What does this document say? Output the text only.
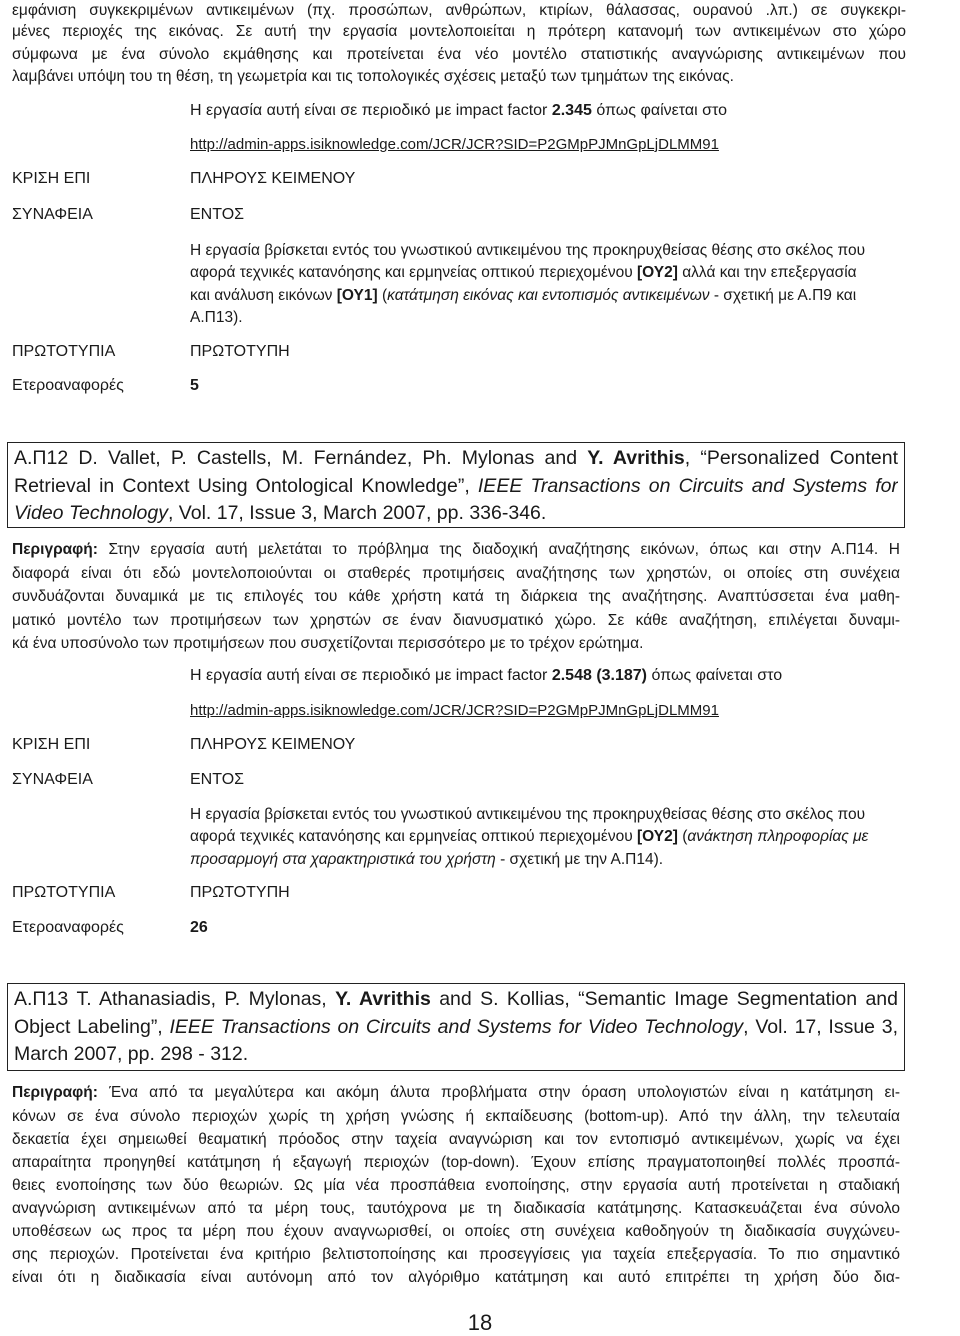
εμφάνιση συγκεκριμένων αντικειμένων (πχ. προσώπων, ανθρώπων, κτιρίων, θάλασσας, ουρανού .λπ.) σε συγκεκρι-
μένες περιοχές της εικόνας. Σε αυτή την εργασία μοντελοποιείται η πρότερη κατανομή των αντικειμένων στο χώρο
σύμφωνα με ένα σύνολο εκμάθησης και προτείνεται ένα νέο μοντέλο στατιστικής αναγνώρισης αντικειμένων που
λαμβάνει υπόψη του τη θέση, τη γεωμετρία και τις τοπολογικές σχέσεις μεταξύ των τμημάτων της εικόνας.
Η εργασία αυτή είναι σε περιοδικό με impact factor 2.345 όπως φαίνεται στο
http://admin-apps.isiknowledge.com/JCR/JCR?SID=P2GMpPJMnGpLjDLMM91
ΚΡΙΣΗ ΕΠΙ	ΠΛΗΡΟΥΣ ΚΕΙΜΕΝΟΥ
ΣΥΝΑΦΕΙΑ	ΕΝΤΟΣ
Η εργασία βρίσκεται εντός του γνωστικού αντικειμένου της προκηρυχθείσας θέσης στο σκέλος που
αφορά τεχνικές κατανόησης και ερμηνείας οπτικού περιεχομένου [ΟΥ2] αλλά και την επεξεργασία
και ανάλυση εικόνων [ΟΥ1] (κατάτμηση εικόνας και εντοπισμός αντικειμένων - σχετική με Α.Π9 και
Α.Π13).
ΠΡΩΤΟΤΥΠΙΑ	ΠΡΩΤΟΤΥΠΗ
Ετεροαναφορές	5
Α.Π12 D. Vallet, P. Castells, M. Fernández, Ph. Mylonas and Y. Avrithis, “Personalized Content
Retrieval in Context Using Ontological Knowledge”, IEEE Transactions on Circuits and Systems for
Video Technology, Vol. 17, Issue 3, March 2007, pp. 336-346.
Περιγραφή: Στην εργασία αυτή μελετάται το πρόβλημα της διαδοχική αναζήτησης εικόνων, όπως και στην Α.Π14. Η
διαφορά είναι ότι εδώ μοντελοποιούνται οι σταθερές προτιμήσεις αναζήτησης των χρηστών, οι οποίες στη συνέχεια
συνδυάζονται δυναμικά με τις επιλογές του κάθε χρήστη κατά τη διάρκεια της αναζήτησης. Αναπτύσσεται ένα μαθη-
ματικό μοντέλο των προτιμήσεων των χρηστών σε έναν διανυσματικό χώρο. Σε κάθε αναζήτηση, επιλέγεται δυναμι-
κά ένα υποσύνολο των προτιμήσεων που συσχετίζονται περισσότερο με το τρέχον ερώτημα.
Η εργασία αυτή είναι σε περιοδικό με impact factor 2.548 (3.187) όπως φαίνεται στο
http://admin-apps.isiknowledge.com/JCR/JCR?SID=P2GMpPJMnGpLjDLMM91
ΚΡΙΣΗ ΕΠΙ	ΠΛΗΡΟΥΣ ΚΕΙΜΕΝΟΥ
ΣΥΝΑΦΕΙΑ	ΕΝΤΟΣ
Η εργασία βρίσκεται εντός του γνωστικού αντικειμένου της προκηρυχθείσας θέσης στο σκέλος που
αφορά τεχνικές κατανόησης και ερμηνείας οπτικού περιεχομένου [ΟΥ2] (ανάκτηση πληροφορίας με
προσαρμογή στα χαρακτηριστικά του χρήστη - σχετική με την Α.Π14).
ΠΡΩΤΟΤΥΠΙΑ	ΠΡΩΤΟΤΥΠΗ
Ετεροαναφορές	26
Α.Π13 T. Athanasiadis, P. Mylonas, Y. Avrithis and S. Kollias, “Semantic Image Segmentation and
Object Labeling”, IEEE Transactions on Circuits and Systems for Video Technology, Vol. 17, Issue 3,
March 2007, pp. 298 - 312.
Περιγραφή: Ένα από τα μεγαλύτερα και ακόμη άλυτα προβλήματα στην όραση υπολογιστών είναι η κατάτμηση ει-
κόνων σε ένα σύνολο περιοχών χωρίς τη χρήση γνώσης ή εκπαίδευσης (bottom-up). Από την άλλη, την τελευταία
δεκαετία έχει σημειωθεί θεαματική πρόοδος στην ταχεία αναγνώριση και τον εντοπισμό αντικειμένων, χωρίς να έχει
απαραίτητα προηγηθεί κατάτμηση ή εξαγωγή περιοχών (top-down). Έχουν επίσης πραγματοποιηθεί πολλές προσπά-
θειες ενοποίησης των δύο θεωριών. Ως μία νέα προσπάθεια ενοποίησης, στην εργασία αυτή προτείνεται η σταδιακή
αναγνώριση αντικειμένων από τα μέρη τους, ταυτόχρονα με τη διαδικασία κατάτμησης. Κατασκευάζεται ένα σύνολο
υποθέσεων ως προς τα μέρη που έχουν αναγνωρισθεί, οι οποίες στη συνέχεια καθοδηγούν τη διαδικασία συγχώνευ-
σης περιοχών. Προτείνεται ένα κριτήριο βελτιστοποίησης και προσεγγίσεις για ταχεία επεξεργασία. Το πιο σημαντικό
είναι ότι η διαδικασία είναι αυτόνομη από τον αλγόριθμο κατάτμηση και αυτό επιτρέπει τη χρήση δύο δια-
18
